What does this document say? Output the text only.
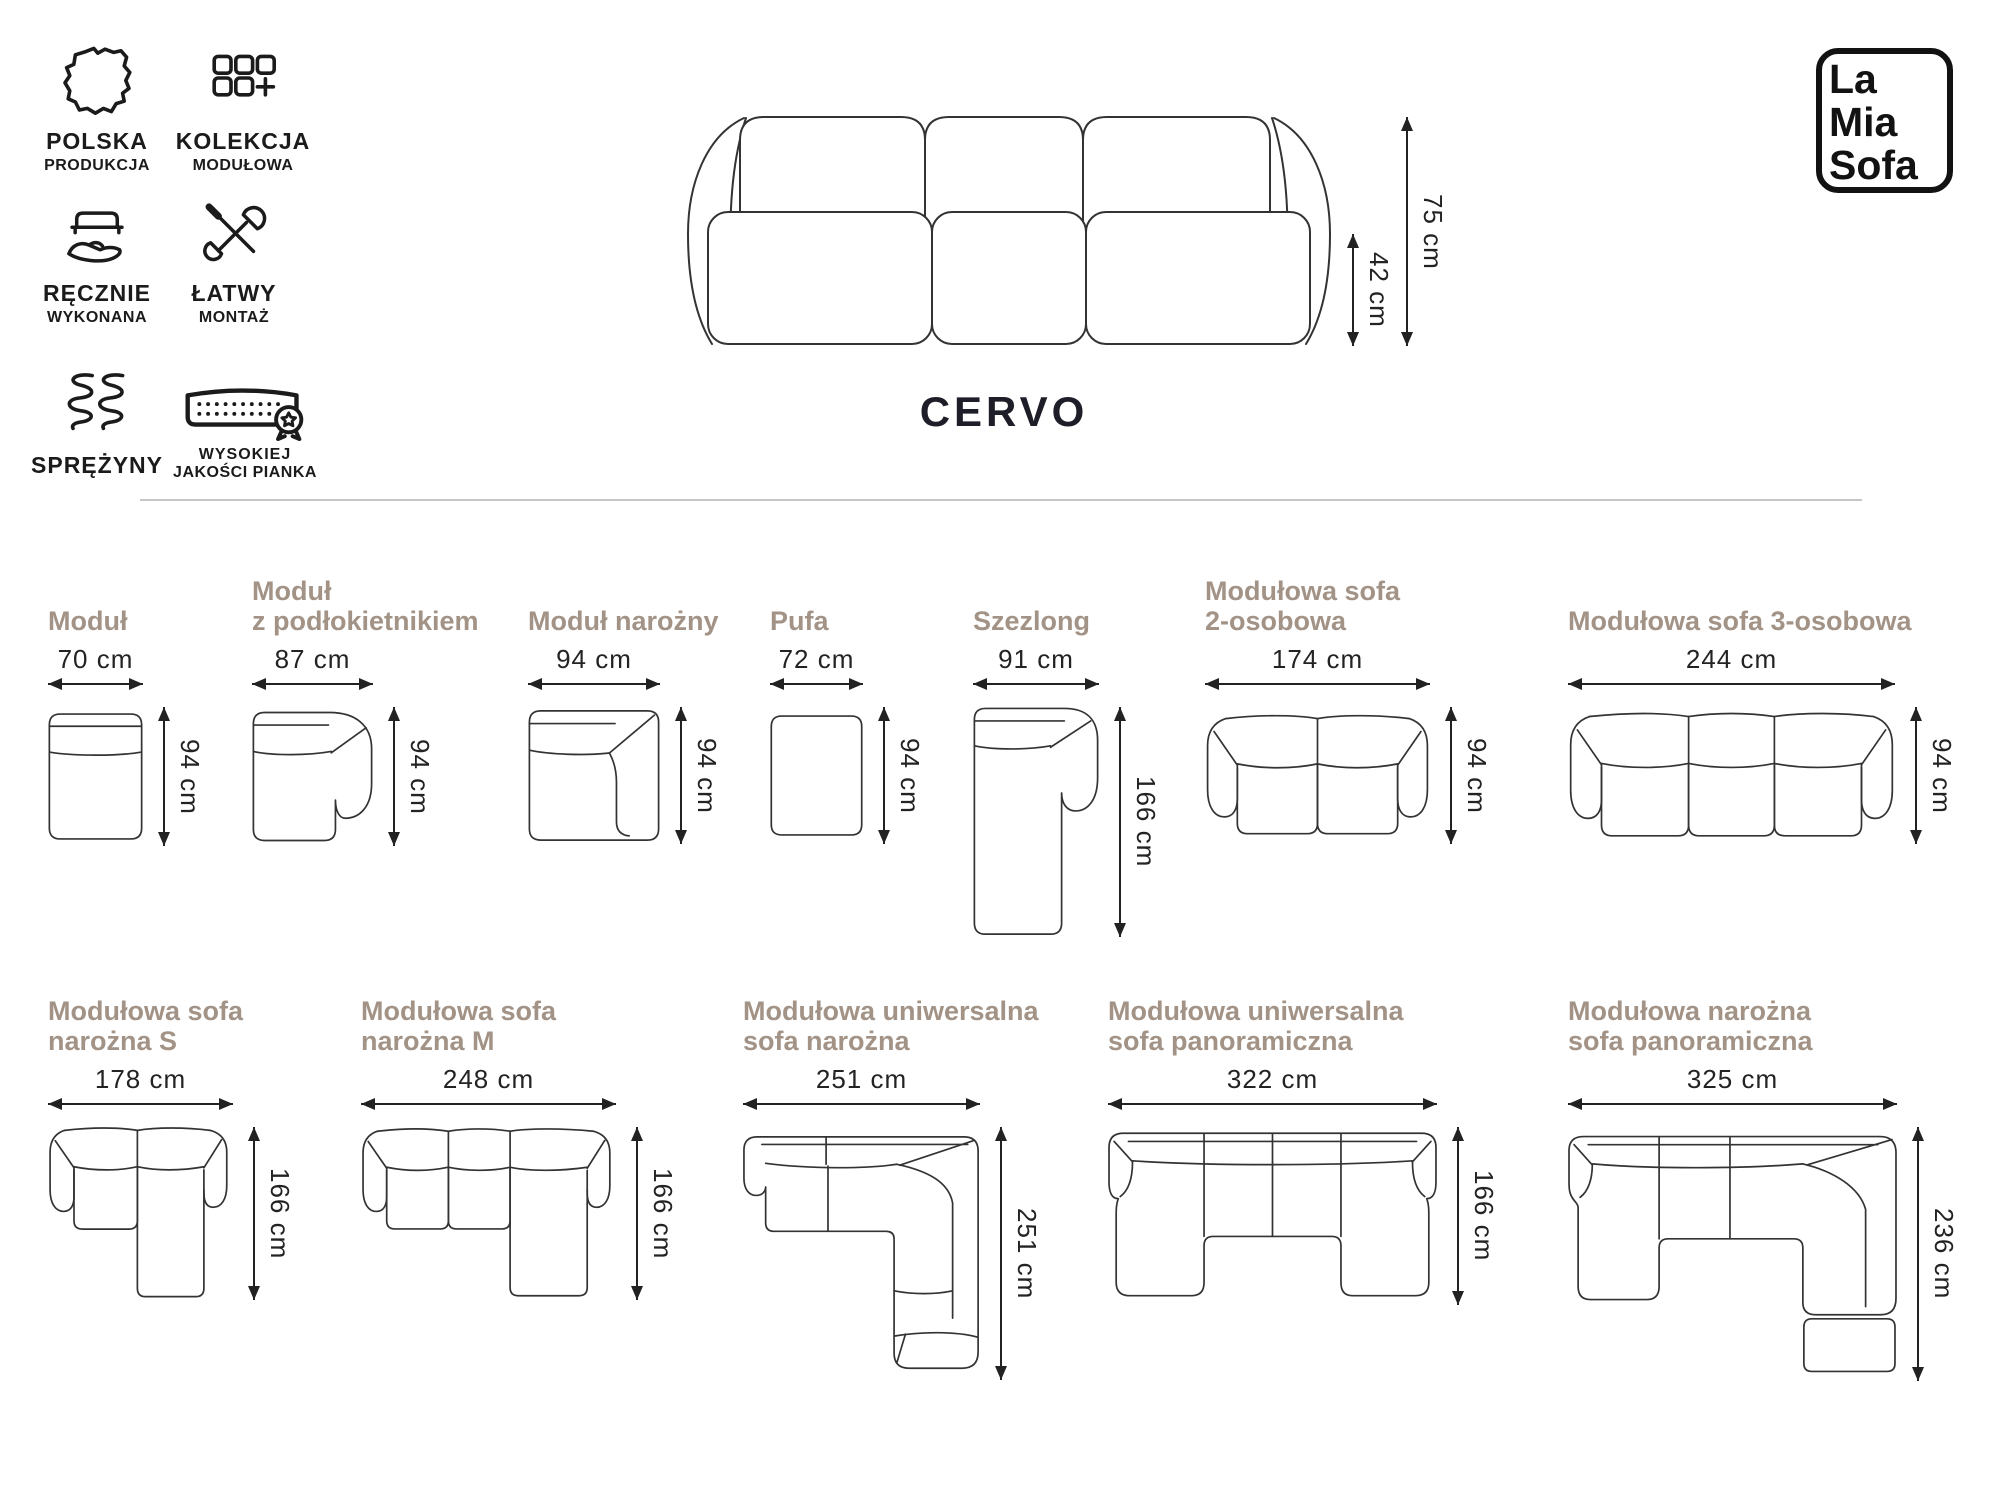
POLSKA
PRODUKCJA
KOLEKCJA
MODUŁOWA
RĘCZNIE
WYKONANA
ŁATWY
MONTAŻ
SPRĘŻYNY WYSOKIEJ
JAKOŚCI PIANKA
La
Mia
Sofa
42 cm
75 cm
CERVO
Moduł
70 cm
94 cm
Moduł
z podłokietnikiem
87 cm
94 cm
Moduł narożny
94 cm
94 cm
Pufa
72 cm
94 cm
Szezlong
91 cm
166 cm
Modułowa sofa
2-osobowa
174 cm
94 cm
Modułowa sofa 3-osobowa
244 cm
94 cm
Modułowa sofa
narożna S
178 cm
166 cm
Modułowa sofa
narożna M
248 cm
166 cm
Modułowa uniwersalna
sofa narożna
251 cm
251 cm
Modułowa uniwersalna
sofa panoramiczna
322 cm
166 cm
Modułowa narożna
sofa panoramiczna
325 cm
236 cm
